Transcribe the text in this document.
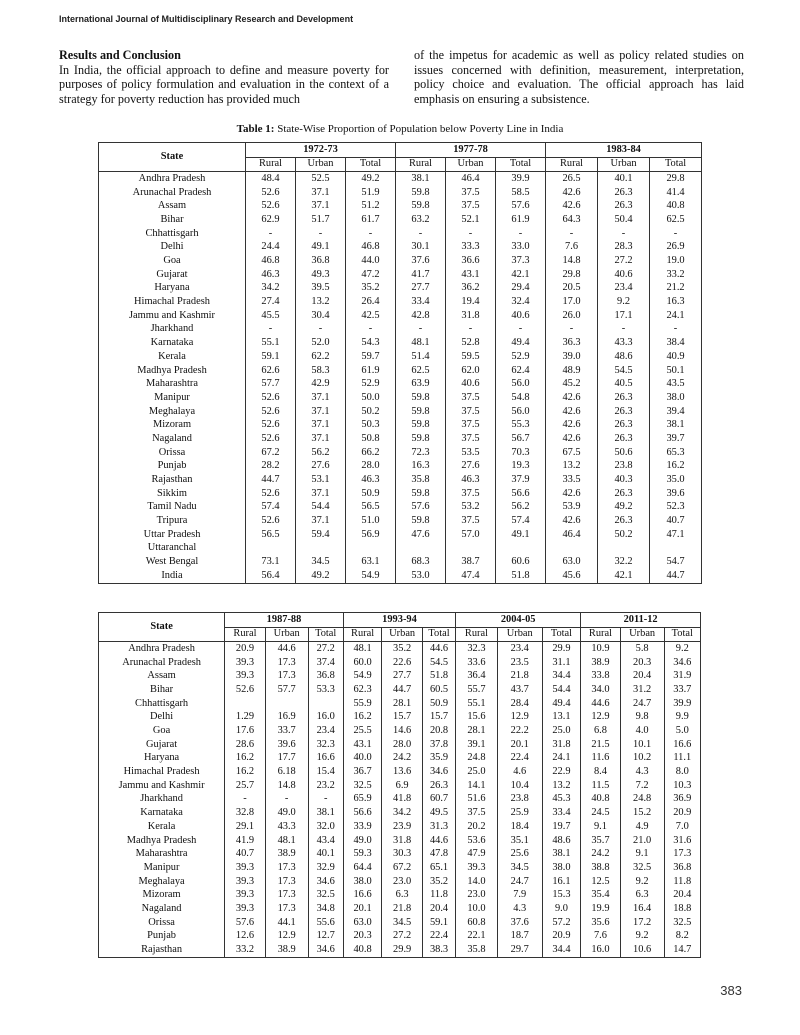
International Journal of Multidisciplinary Research and Development

Results and Conclusion
In India, the official approach to define and measure poverty for purposes of policy formulation and evaluation in the context of a strategy for poverty reduction has provided much

of the impetus for academic as well as policy related studies on issues concerned with definition, measurement, interpretation, policy choice and evaluation. The official approach has laid emphasis on ensuring a subsistence.

Table 1: State-Wise Proportion of Population below Poverty Line in India
State	1972-73			1977-78			1983-84		
	Rural	Urban	Total	Rural	Urban	Total	Rural	Urban	Total
Andhra Pradesh	48.4	52.5	49.2	38.1	46.4	39.9	26.5	40.1	29.8
Arunachal Pradesh	52.6	37.1	51.9	59.8	37.5	58.5	42.6	26.3	41.4
Assam	52.6	37.1	51.2	59.8	37.5	57.6	42.6	26.3	40.8
Bihar	62.9	51.7	61.7	63.2	52.1	61.9	64.3	50.4	62.5
Chhattisgarh	-	-	-	-	-	-	-	-	-
Delhi	24.4	49.1	46.8	30.1	33.3	33.0	7.6	28.3	26.9
Goa	46.8	36.8	44.0	37.6	36.6	37.3	14.8	27.2	19.0
Gujarat	46.3	49.3	47.2	41.7	43.1	42.1	29.8	40.6	33.2
Haryana	34.2	39.5	35.2	27.7	36.2	29.4	20.5	23.4	21.2
Himachal Pradesh	27.4	13.2	26.4	33.4	19.4	32.4	17.0	9.2	16.3
Jammu and Kashmir	45.5	30.4	42.5	42.8	31.8	40.6	26.0	17.1	24.1
Jharkhand	-	-	-	-	-	-	-	-	-
Karnataka	55.1	52.0	54.3	48.1	52.8	49.4	36.3	43.3	38.4
Kerala	59.1	62.2	59.7	51.4	59.5	52.9	39.0	48.6	40.9
Madhya Pradesh	62.6	58.3	61.9	62.5	62.0	62.4	48.9	54.5	50.1
Maharashtra	57.7	42.9	52.9	63.9	40.6	56.0	45.2	40.5	43.5
Manipur	52.6	37.1	50.0	59.8	37.5	54.8	42.6	26.3	38.0
Meghalaya	52.6	37.1	50.2	59.8	37.5	56.0	42.6	26.3	39.4
Mizoram	52.6	37.1	50.3	59.8	37.5	55.3	42.6	26.3	38.1
Nagaland	52.6	37.1	50.8	59.8	37.5	56.7	42.6	26.3	39.7
Orissa	67.2	56.2	66.2	72.3	53.5	70.3	67.5	50.6	65.3
Punjab	28.2	27.6	28.0	16.3	27.6	19.3	13.2	23.8	16.2
Rajasthan	44.7	53.1	46.3	35.8	46.3	37.9	33.5	40.3	35.0
Sikkim	52.6	37.1	50.9	59.8	37.5	56.6	42.6	26.3	39.6
Tamil Nadu	57.4	54.4	56.5	57.6	53.2	56.2	53.9	49.2	52.3
Tripura	52.6	37.1	51.0	59.8	37.5	57.4	42.6	26.3	40.7
Uttar Pradesh	56.5	59.4	56.9	47.6	57.0	49.1	46.4	50.2	47.1
Uttaranchal									
West Bengal	73.1	34.5	63.1	68.3	38.7	60.6	63.0	32.2	54.7
India	56.4	49.2	54.9	53.0	47.4	51.8	45.6	42.1	44.7
State	1987-88			1993-94			2004-05			2011-12		
	Rural	Urban	Total	Rural	Urban	Total	Rural	Urban	Total	Rural	Urban	Total
Andhra Pradesh	20.9	44.6	27.2	48.1	35.2	44.6	32.3	23.4	29.9	10.9	5.8	9.2
Arunachal Pradesh	39.3	17.3	37.4	60.0	22.6	54.5	33.6	23.5	31.1	38.9	20.3	34.6
Assam	39.3	17.3	36.8	54.9	27.7	51.8	36.4	21.8	34.4	33.8	20.4	31.9
Bihar	52.6	57.7	53.3	62.3	44.7	60.5	55.7	43.7	54.4	34.0	31.2	33.7
Chhattisgarh				55.9	28.1	50.9	55.1	28.4	49.4	44.6	24.7	39.9
Delhi	1.29	16.9	16.0	16.2	15.7	15.7	15.6	12.9	13.1	12.9	9.8	9.9
Goa	17.6	33.7	23.4	25.5	14.6	20.8	28.1	22.2	25.0	6.8	4.0	5.0
Gujarat	28.6	39.6	32.3	43.1	28.0	37.8	39.1	20.1	31.8	21.5	10.1	16.6
Haryana	16.2	17.7	16.6	40.0	24.2	35.9	24.8	22.4	24.1	11.6	10.2	11.1
Himachal Pradesh	16.2	6.18	15.4	36.7	13.6	34.6	25.0	4.6	22.9	8.4	4.3	8.0
Jammu and Kashmir	25.7	14.8	23.2	32.5	6.9	26.3	14.1	10.4	13.2	11.5	7.2	10.3
Jharkhand	-	-	-	65.9	41.8	60.7	51.6	23.8	45.3	40.8	24.8	36.9
Karnataka	32.8	49.0	38.1	56.6	34.2	49.5	37.5	25.9	33.4	24.5	15.2	20.9
Kerala	29.1	43.3	32.0	33.9	23.9	31.3	20.2	18.4	19.7	9.1	4.9	7.0
Madhya Pradesh	41.9	48.1	43.4	49.0	31.8	44.6	53.6	35.1	48.6	35.7	21.0	31.6
Maharashtra	40.7	38.9	40.1	59.3	30.3	47.8	47.9	25.6	38.1	24.2	9.1	17.3
Manipur	39.3	17.3	32.9	64.4	67.2	65.1	39.3	34.5	38.0	38.8	32.5	36.8
Meghalaya	39.3	17.3	34.6	38.0	23.0	35.2	14.0	24.7	16.1	12.5	9.2	11.8
Mizoram	39.3	17.3	32.5	16.6	6.3	11.8	23.0	7.9	15.3	35.4	6.3	20.4
Nagaland	39.3	17.3	34.8	20.1	21.8	20.4	10.0	4.3	9.0	19.9	16.4	18.8
Orissa	57.6	44.1	55.6	63.0	34.5	59.1	60.8	37.6	57.2	35.6	17.2	32.5
Punjab	12.6	12.9	12.7	20.3	27.2	22.4	22.1	18.7	20.9	7.6	9.2	8.2
Rajasthan	33.2	38.9	34.6	40.8	29.9	38.3	35.8	29.7	34.4	16.0	10.6	14.7
383
